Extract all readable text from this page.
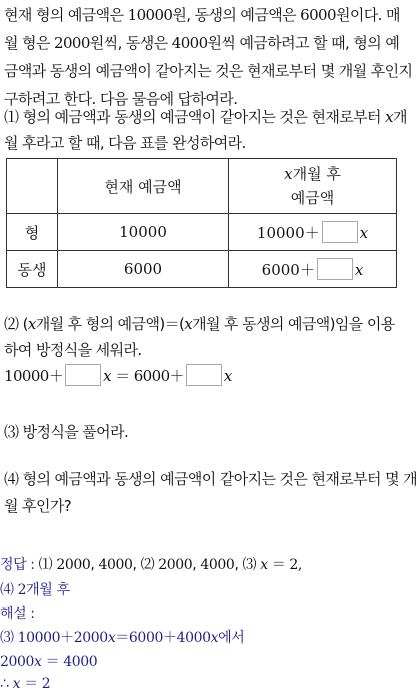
현재 형의 예금액은 10000원, 동생의 예금액은 6000원이다. 매
월 형은 2000원씩, 동생은 4000원씩 예금하려고 할 때, 형의 예
금액과 동생의 예금액이 같아지는 것은 현재로부터 몇 개월 후인지
구하려고 한다. 다음 물음에 답하여라.
⑴ 형의 예금액과 동생의 예금액이 같아지는 것은 현재로부터 x개
월 후라고 할 때, 다음 표를 완성하여라.
	현재 예금액	x개월 후
예금액

형	10000	10000＋ x
동생	6000	6000＋ x
⑵ (x개월 후 형의 예금액)＝(x개월 후 동생의 예금액)임을 이용
하여 방정식을 세워라.
10000＋	x ＝ 6000＋	x
⑶ 방정식을 풀어라.
⑷ 형의 예금액과 동생의 예금액이 같아지는 것은 현재로부터 몇 개
월 후인가?
정답 : ⑴ 2000, 4000, ⑵ 2000, 4000, ⑶ x ＝ 2,
⑷ 2개월 후
해설 :
⑶ 10000＋2000x＝6000＋4000x에서
2000x ＝ 4000
∴ x ＝ 2
